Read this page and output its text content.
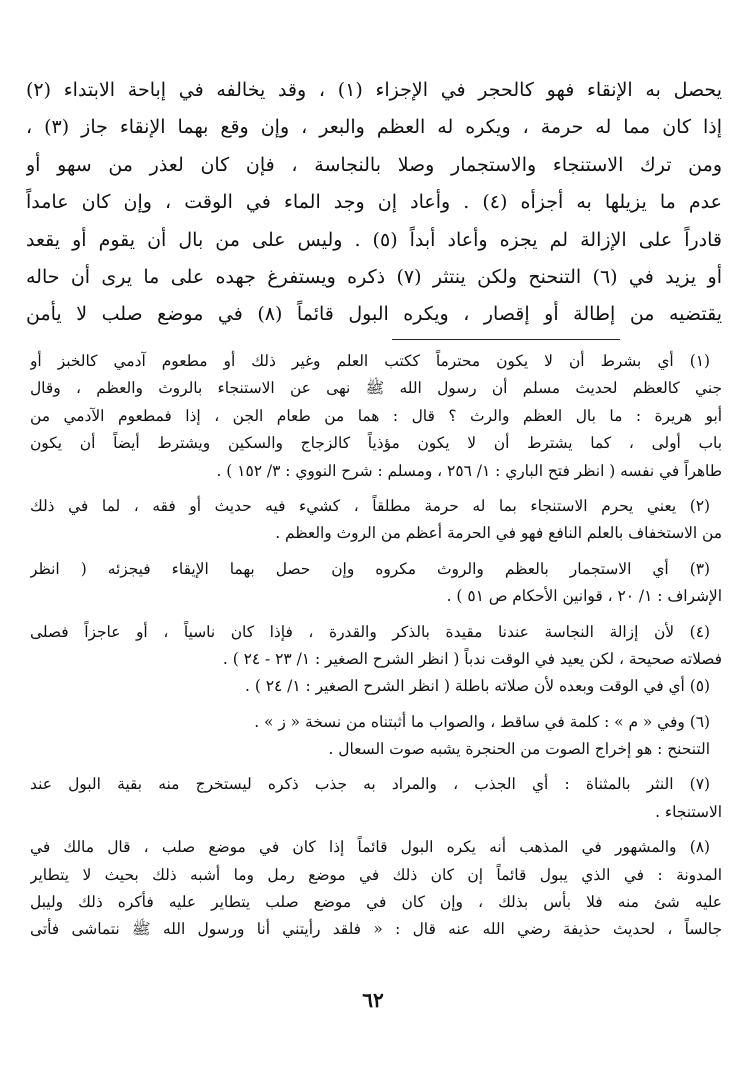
يحصل به الإنقاء فهو كالحجر في الإجزاء (١) ، وقد يخالفه في إباحة الابتداء (٢)
إذا كان مما له حرمة ، ويكره له العظم والبعر ، وإن وقع بهما الإنقاء جاز (٣) ،
ومن ترك الاستنجاء والاستجمار وصلا بالنجاسة ، فإن كان لعذر من سهو أو
عدم ما يزيلها به أجزأه (٤) . وأعاد إن وجد الماء في الوقت ، وإن كان عامداً
قادراً على الإزالة لم يجزه وأعاد أبداً (٥) . وليس على من بال أن يقوم أو يقعد
أو يزيد في (٦) التنحنح ولكن ينتثر (٧) ذكره ويستفرغ جهده على ما يرى أن حاله
يقتضيه من إطالة أو إقصار ، ويكره البول قائماً (٨) في موضع صلب لا يأمن
(١) أي بشرط أن لا يكون محترماً ككتب العلم وغير ذلك أو مطعوم آدمي كالخبز أو
جني كالعظم لحديث مسلم أن رسول الله ﷺ نهى عن الاستنجاء بالروث والعظم ، وقال
أبو هريرة : ما بال العظم والرث ؟ قال : هما من طعام الجن ، إذا فمطعوم الآدمي من
باب أولى ، كما يشترط أن لا يكون مؤذياً كالزجاج والسكين ويشترط أيضاً أن يكون
طاهراً في نفسه ( انظر فتح الباري : ١/ ٢٥٦ ، ومسلم : شرح النووي : ٣/ ١٥٢ ) .
(٢) يعني يحرم الاستنجاء بما له حرمة مطلقاً ، كشيء فيه حديث أو فقه ، لما في ذلك
من الاستخفاف بالعلم النافع فهو في الحرمة أعظم من الروث والعظم .
(٣) أي الاستجمار بالعظم والروث مكروه وإن حصل بهما الإيقاء فيجزئه ( انظر
الإشراف : ١/ ٢٠ ، قوانين الأحكام ص ٥١ ) .
(٤) لأن إزالة النجاسة عندنا مقيدة بالذكر والقدرة ، فإذا كان ناسياً ، أو عاجزاً فصلى
فصلاته صحيحة ، لكن يعيد في الوقت ندباً ( انظر الشرح الصغير : ١/ ٢٣ - ٢٤ ) .
(٥) أي في الوقت وبعده لأن صلاته باطلة ( انظر الشرح الصغير : ١/ ٢٤ ) .
(٦) وفي « م » : كلمة في ساقط ، والصواب ما أثبتناه من نسخة « ز » .
التنحنح : هو إخراج الصوت من الحنجرة يشبه صوت السعال .
(٧) النثر بالمثناة : أي الجذب ، والمراد به جذب ذكره ليستخرج منه بقية البول عند
الاستنجاء .
(٨) والمشهور في المذهب أنه يكره البول قائماً إذا كان في موضع صلب ، قال مالك في
المدونة : في الذي يبول قائماً إن كان ذلك في موضع رمل وما أشبه ذلك بحيث لا يتطاير
عليه شئ منه فلا بأس بذلك ، وإن كان في موضع صلب يتطاير عليه فأكره ذلك وليبل
جالساً ، لحديث حذيفة رضي الله عنه قال : « فلقد رأيتني أنا ورسول الله ﷺ نتماشى فأتى
٦٢
